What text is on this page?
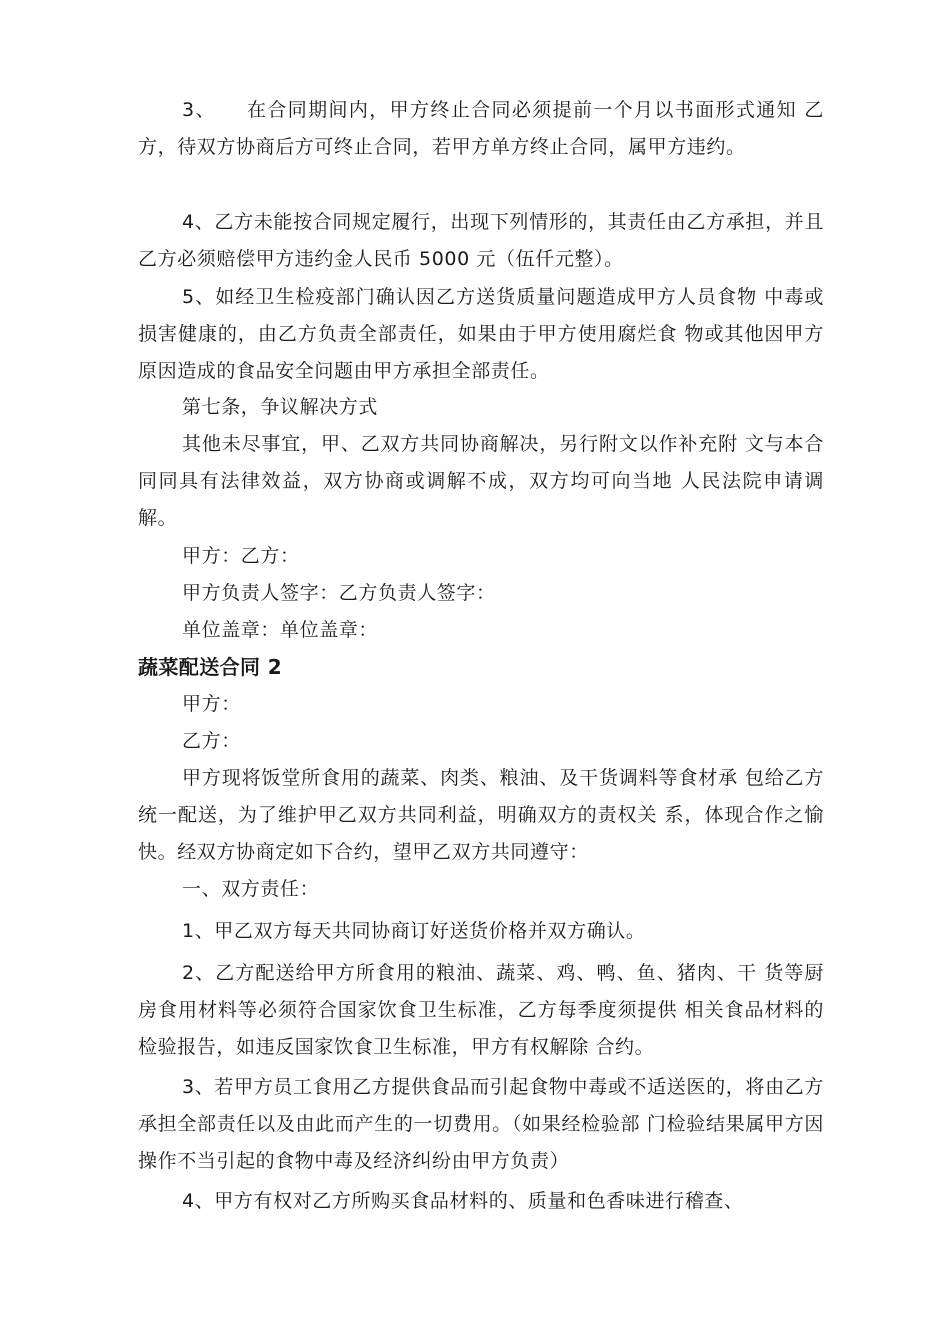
3、　　在合同期间内，甲方终止合同必须提前一个月以书面形式通知 乙方，待双方协商后方可终止合同，若甲方单方终止合同，属甲方违约。

4、乙方未能按合同规定履行，出现下列情形的，其责任由乙方承担，并且乙方必须赔偿甲方违约金人民币 5000 元（伍仟元整）。

5、如经卫生检疫部门确认因乙方送货质量问题造成甲方人员食物 中毒或损害健康的，由乙方负责全部责任，如果由于甲方使用腐烂食 物或其他因甲方原因造成的食品安全问题由甲方承担全部责任。

第七条，争议解决方式

其他未尽事宜，甲、乙双方共同协商解决，另行附文以作补充附 文与本合同同具有法律效益，双方协商或调解不成，双方均可向当地 人民法院申请调解。

甲方：乙方：

甲方负责人签字：乙方负责人签字：

单位盖章：单位盖章：

蔬菜配送合同 2

甲方：

乙方：

甲方现将饭堂所食用的蔬菜、肉类、粮油、及干货调料等食材承 包给乙方统一配送，为了维护甲乙双方共同利益，明确双方的责权关 系，体现合作之愉快。经双方协商定如下合约，望甲乙双方共同遵守：

一、双方责任：

1、甲乙双方每天共同协商订好送货价格并双方确认。

2、乙方配送给甲方所食用的粮油、蔬菜、鸡、鸭、鱼、猪肉、干 货等厨房食用材料等必须符合国家饮食卫生标准，乙方每季度须提供 相关食品材料的检验报告，如违反国家饮食卫生标准，甲方有权解除 合约。

3、若甲方员工食用乙方提供食品而引起食物中毒或不适送医的，将由乙方承担全部责任以及由此而产生的一切费用。（如果经检验部 门检验结果属甲方因操作不当引起的食物中毒及经济纠纷由甲方负责）

4、甲方有权对乙方所购买食品材料的、质量和色香味进行稽查、
